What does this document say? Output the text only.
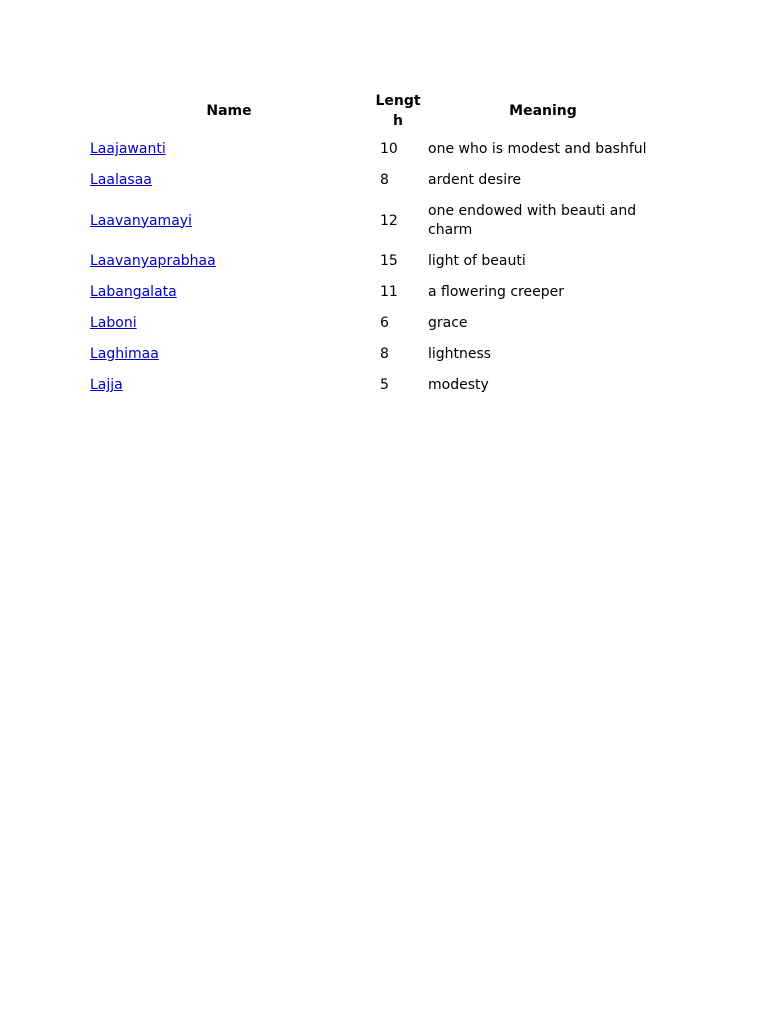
Name	Length	Meaning
Laajawanti	10	one who is modest and bashful
Laalasaa	8	ardent desire
Laavanyamayi	12	one endowed with beauti and charm
Laavanyaprabhaa	15	light of beauti
Labangalata	11	a flowering creeper
Laboni	6	grace
Laghimaa	8	lightness
Lajja	5	modesty
